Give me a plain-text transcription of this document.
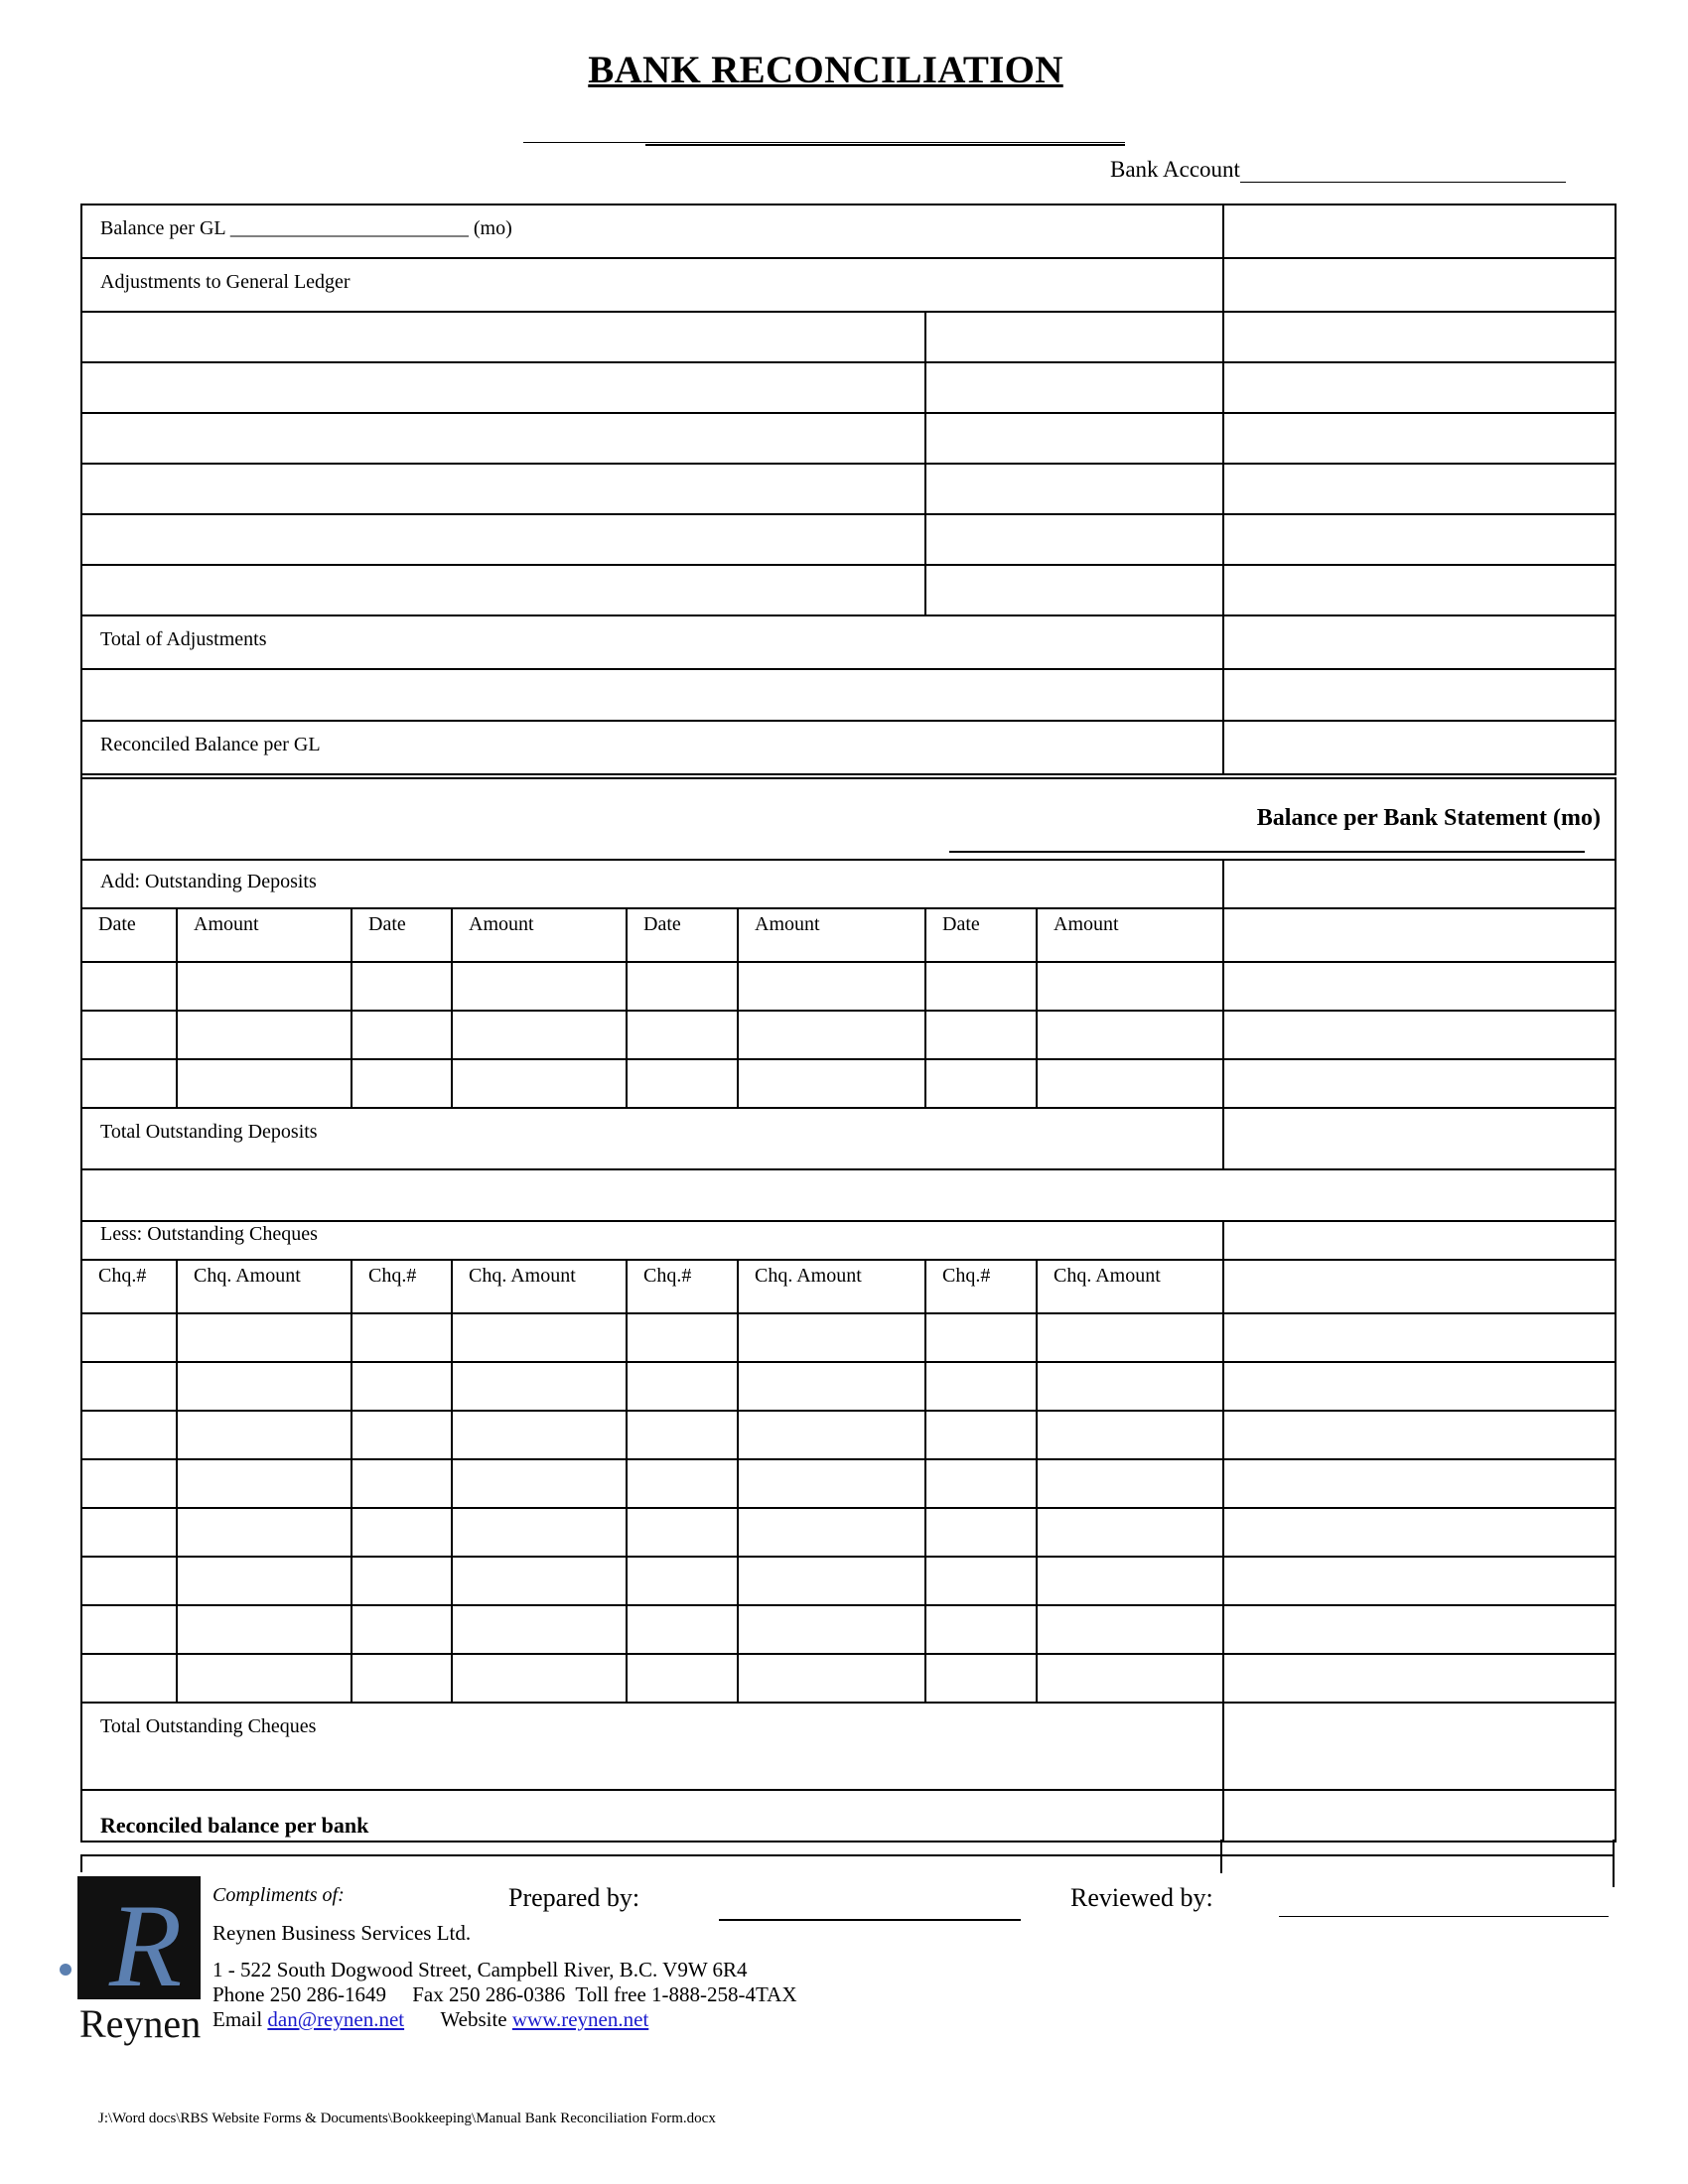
BANK RECONCILIATION
Bank Account
Balance per GL ________________________ (mo)
Adjustments to General Ledger
Total of Adjustments
Reconciled Balance per GL
Balance per Bank Statement (mo)
Add: Outstanding Deposits
Date	Amount	Date	Amount	Date	Amount	Date	Amount
Total Outstanding Deposits
Less: Outstanding Cheques
Chq.#	Chq. Amount	Chq.#	Chq. Amount	Chq.#	Chq. Amount	Chq.#	Chq. Amount
Total Outstanding Cheques
Reconciled balance per bank
R
Reynen
Compliments of:
Reynen Business Services Ltd.
1 - 522 South Dogwood Street, Campbell River, B.C. V9W 6R4
Phone 250 286-1649 Fax 250 286-0386 Toll free 1-888-258-4TAX
Email dan@reynen.net Website www.reynen.net
Prepared by:	Reviewed by:
J:\Word docs\RBS Website Forms & Documents\Bookkeeping\Manual Bank Reconciliation Form.docx
